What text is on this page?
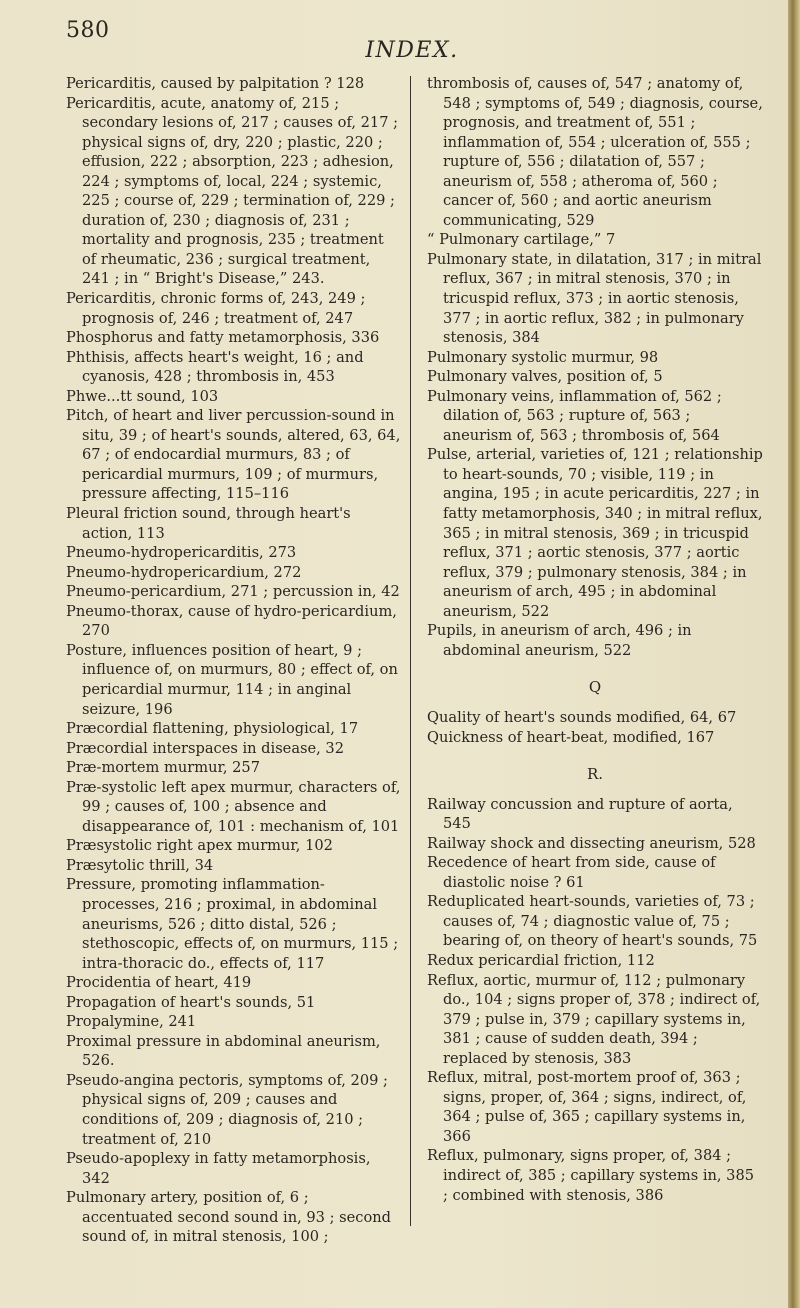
580
INDEX.

Pericarditis, caused by palpitation ? 128

Pericarditis, acute, anatomy of, 215 ; secondary lesions of, 217 ; causes of, 217 ; physical signs of, dry, 220 ; plastic, 220 ; effusion, 222 ; absorption, 223 ; adhesion, 224 ; symptoms of, local, 224 ; systemic, 225 ; course of, 229 ; termination of, 229 ; duration of, 230 ; diagnosis of, 231 ; mortality and prognosis, 235 ; treatment of rheumatic, 236 ; surgical treatment, 241 ; in “ Bright's Disease,” 243.

Pericarditis, chronic forms of, 243, 249 ; prognosis of, 246 ; treatment of, 247

Phosphorus and fatty metamorphosis, 336

Phthisis, affects heart's weight, 16 ; and cyanosis, 428 ; thrombosis in, 453

Phwe...tt sound, 103

Pitch, of heart and liver percussion-sound in situ, 39 ; of heart's sounds, altered, 63, 64, 67 ; of endocardial murmurs, 83 ; of pericardial murmurs, 109 ; of murmurs, pressure affecting, 115–116

Pleural friction sound, through heart's action, 113

Pneumo-hydropericarditis, 273

Pneumo-hydropericardium, 272

Pneumo-pericardium, 271 ; percussion in, 42

Pneumo-thorax, cause of hydro-pericardium, 270

Posture, influences position of heart, 9 ; influence of, on murmurs, 80 ; effect of, on pericardial murmur, 114 ; in anginal seizure, 196

Præcordial flattening, physiological, 17

Præcordial interspaces in disease, 32

Præ-mortem murmur, 257

Præ-systolic left apex murmur, characters of, 99 ; causes of, 100 ; absence and disappearance of, 101 : mechanism of, 101

Præsystolic right apex murmur, 102

Præsytolic thrill, 34

Pressure, promoting inflammation-processes, 216 ; proximal, in abdominal aneurisms, 526 ; ditto distal, 526 ; stethoscopic, effects of, on murmurs, 115 ; intra-thoracic do., effects of, 117

Procidentia of heart, 419

Propagation of heart's sounds, 51

Propalymine, 241

Proximal pressure in abdominal aneurism, 526.

Pseudo-angina pectoris, symptoms of, 209 ; physical signs of, 209 ; causes and conditions of, 209 ; diagnosis of, 210 ; treatment of, 210

Pseudo-apoplexy in fatty metamorphosis, 342

Pulmonary artery, position of, 6 ; accentuated second sound in, 93 ; second sound of, in mitral stenosis, 100 ;

thrombosis of, causes of, 547 ; anatomy of, 548 ; symptoms of, 549 ; diagnosis, course, prognosis, and treatment of, 551 ; inflammation of, 554 ; ulceration of, 555 ; rupture of, 556 ; dilatation of, 557 ; aneurism of, 558 ; atheroma of, 560 ; cancer of, 560 ; and aortic aneurism communicating, 529

“ Pulmonary cartilage,” 7

Pulmonary state, in dilatation, 317 ; in mitral reflux, 367 ; in mitral stenosis, 370 ; in tricuspid reflux, 373 ; in aortic stenosis, 377 ; in aortic reflux, 382 ; in pulmonary stenosis, 384

Pulmonary systolic murmur, 98

Pulmonary valves, position of, 5

Pulmonary veins, inflammation of, 562 ; dilation of, 563 ; rupture of, 563 ; aneurism of, 563 ; thrombosis of, 564

Pulse, arterial, varieties of, 121 ; relationship to heart-sounds, 70 ; visible, 119 ; in angina, 195 ; in acute pericarditis, 227 ; in fatty metamorphosis, 340 ; in mitral reflux, 365 ; in mitral stenosis, 369 ; in tricuspid reflux, 371 ; aortic stenosis, 377 ; aortic reflux, 379 ; pulmonary stenosis, 384 ; in aneurism of arch, 495 ; in abdominal aneurism, 522

Pupils, in aneurism of arch, 496 ; in abdominal aneurism, 522

Q

Quality of heart's sounds modified, 64, 67

Quickness of heart-beat, modified, 167

R.

Railway concussion and rupture of aorta, 545

Railway shock and dissecting aneurism, 528

Recedence of heart from side, cause of diastolic noise ? 61

Reduplicated heart-sounds, varieties of, 73 ; causes of, 74 ; diagnostic value of, 75 ; bearing of, on theory of heart's sounds, 75

Redux pericardial friction, 112

Reflux, aortic, murmur of, 112 ; pulmonary do., 104 ; signs proper of, 378 ; indirect of, 379 ; pulse in, 379 ; capillary systems in, 381 ; cause of sudden death, 394 ; replaced by stenosis, 383

Reflux, mitral, post-mortem proof of, 363 ; signs, proper, of, 364 ; signs, indirect, of, 364 ; pulse of, 365 ; capillary systems in, 366

Reflux, pulmonary, signs proper, of, 384 ; indirect of, 385 ; capillary systems in, 385 ; combined with stenosis, 386
